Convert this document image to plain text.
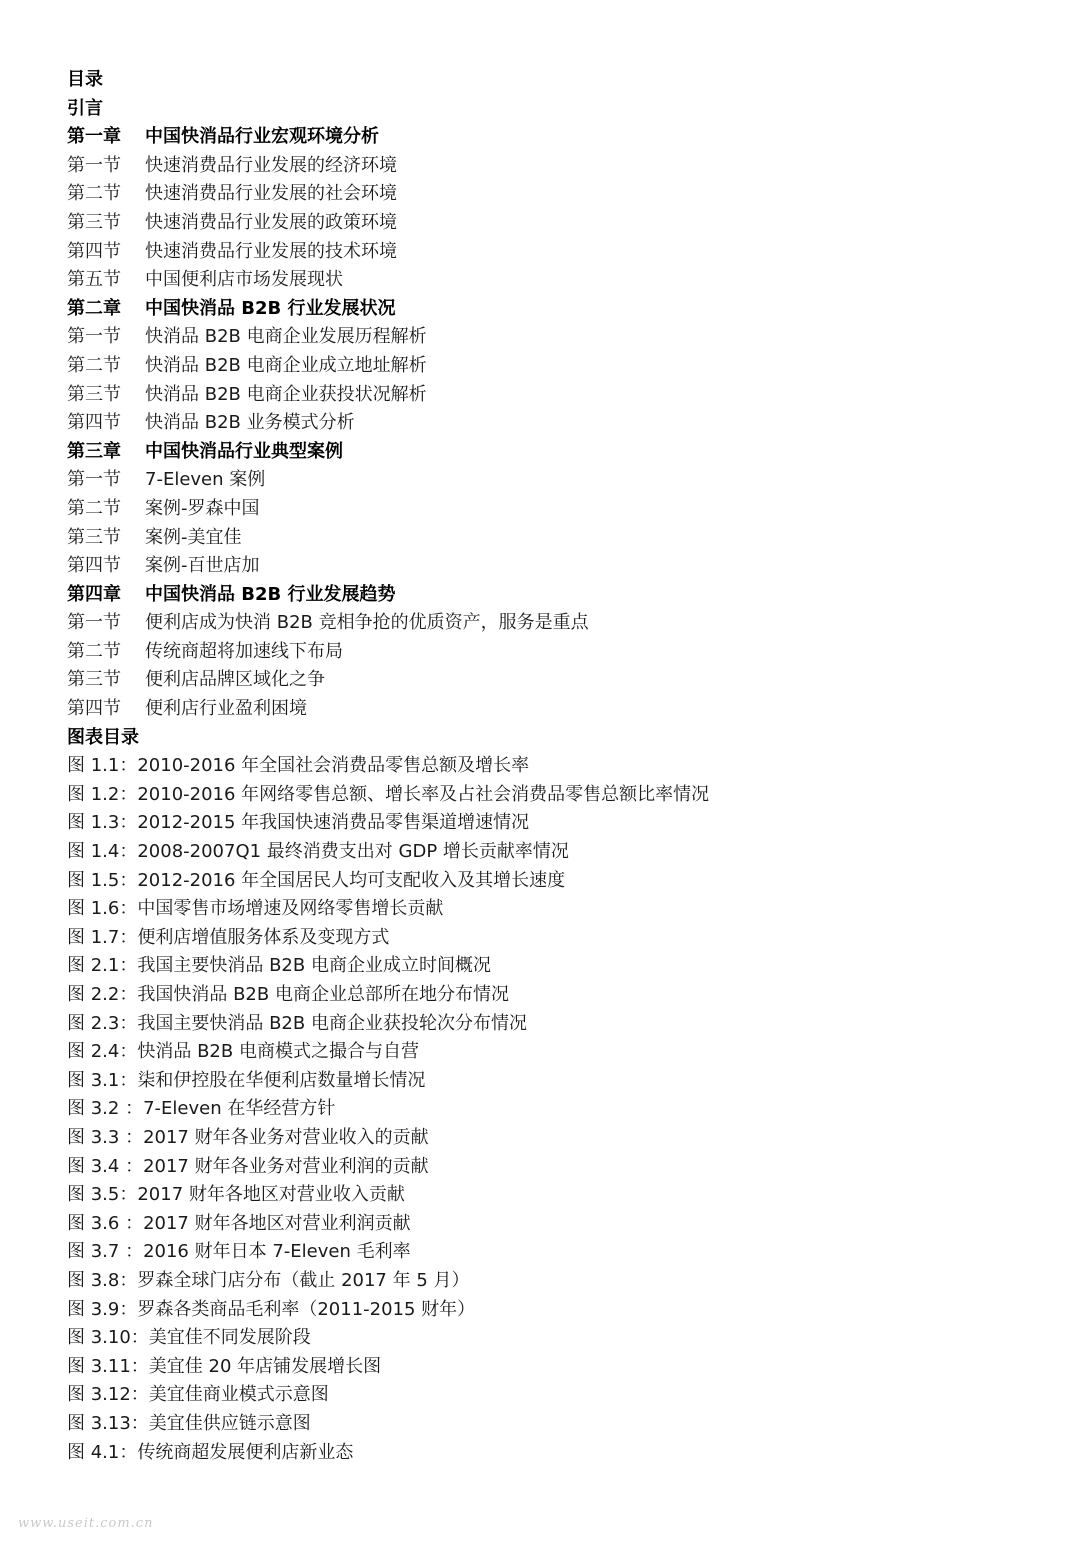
目录
引言
第一章	中国快消品行业宏观环境分析
第一节	快速消费品行业发展的经济环境
第二节	快速消费品行业发展的社会环境
第三节	快速消费品行业发展的政策环境
第四节	快速消费品行业发展的技术环境
第五节	中国便利店市场发展现状
第二章	中国快消品 B2B 行业发展状况
第一节	快消品 B2B 电商企业发展历程解析
第二节	快消品 B2B 电商企业成立地址解析
第三节	快消品 B2B 电商企业获投状况解析
第四节	快消品 B2B 业务模式分析
第三章	中国快消品行业典型案例
第一节	7-Eleven 案例
第二节	案例-罗森中国
第三节	案例-美宜佳
第四节	案例-百世店加
第四章	中国快消品 B2B 行业发展趋势
第一节	便利店成为快消 B2B 竞相争抢的优质资产，服务是重点
第二节	传统商超将加速线下布局
第三节	便利店品牌区域化之争
第四节	便利店行业盈利困境
图表目录
图 1.1：2010-2016 年全国社会消费品零售总额及增长率
图 1.2：2010-2016 年网络零售总额、增长率及占社会消费品零售总额比率情况
图 1.3：2012-2015 年我国快速消费品零售渠道增速情况
图 1.4：2008-2007Q1 最终消费支出对 GDP 增长贡献率情况
图 1.5：2012-2016 年全国居民人均可支配收入及其增长速度
图 1.6：中国零售市场增速及网络零售增长贡献
图 1.7：便利店增值服务体系及变现方式
图 2.1：我国主要快消品 B2B 电商企业成立时间概况
图 2.2：我国快消品 B2B 电商企业总部所在地分布情况
图 2.3：我国主要快消品 B2B 电商企业获投轮次分布情况
图 2.4：快消品 B2B 电商模式之撮合与自营
图 3.1：柒和伊控股在华便利店数量增长情况
图 3.2 ：7-Eleven 在华经营方针
图 3.3 ：2017 财年各业务对营业收入的贡献
图 3.4 ：2017 财年各业务对营业利润的贡献
图 3.5：2017 财年各地区对营业收入贡献
图 3.6 ：2017 财年各地区对营业利润贡献
图 3.7 ：2016 财年日本 7-Eleven 毛利率
图 3.8：罗森全球门店分布（截止 2017 年 5 月）
图 3.9：罗森各类商品毛利率（2011-2015 财年）
图 3.10：美宜佳不同发展阶段
图 3.11：美宜佳 20 年店铺发展增长图
图 3.12：美宜佳商业模式示意图
图 3.13：美宜佳供应链示意图
图 4.1：传统商超发展便利店新业态
www.useit.com.cn
